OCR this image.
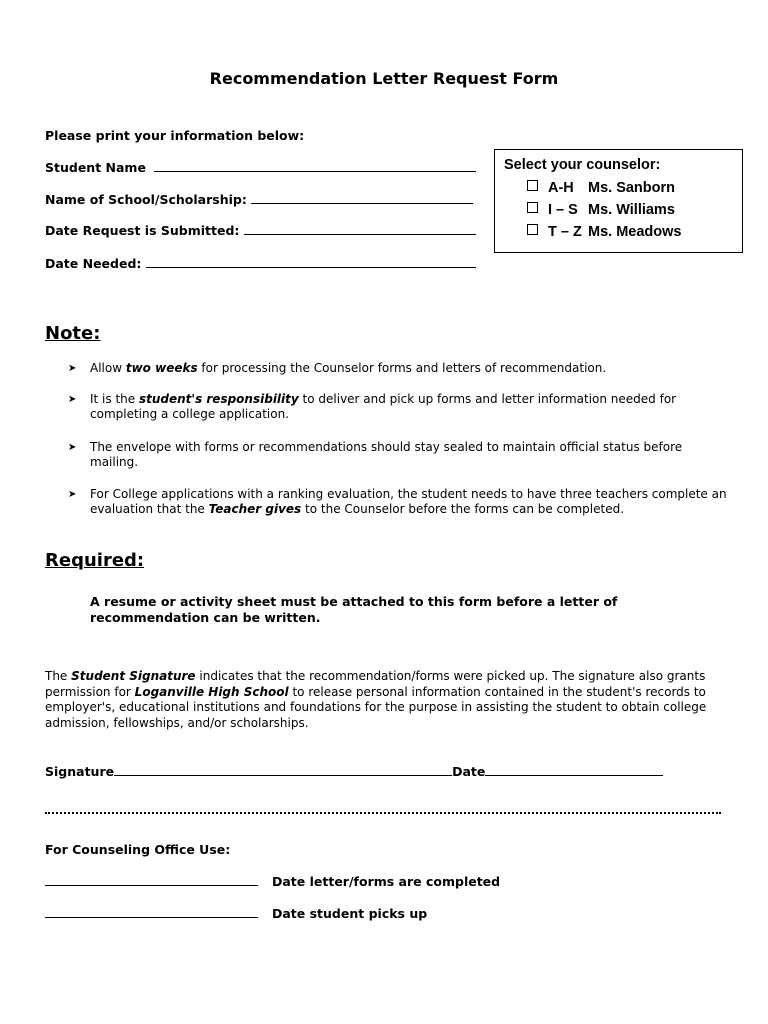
Recommendation Letter Request Form
Please print your information below:
Student Name
Name of School/Scholarship:
Date Request is Submitted:
Date Needed:
Select your counselor:
A-H Ms. Sanborn
I – S Ms. Williams
T – Z Ms. Meadows
Note:
➤ Allow two weeks for processing the Counselor forms and letters of recommendation.
➤ It is the student's responsibility to deliver and pick up forms and letter information needed for completing a college application.
➤ The envelope with forms or recommendations should stay sealed to maintain official status before mailing.
➤ For College applications with a ranking evaluation, the student needs to have three teachers complete an evaluation that the Teacher gives to the Counselor before the forms can be completed.
Required:
A resume or activity sheet must be attached to this form before a letter of recommendation can be written.
The Student Signature indicates that the recommendation/forms were picked up. The signature also grants permission for Loganville High School to release personal information contained in the student's records to employer's, educational institutions and foundations for the purpose in assisting the student to obtain college admission, fellowships, and/or scholarships.
Signature	Date
For Counseling Office Use:
Date letter/forms are completed
Date student picks up
